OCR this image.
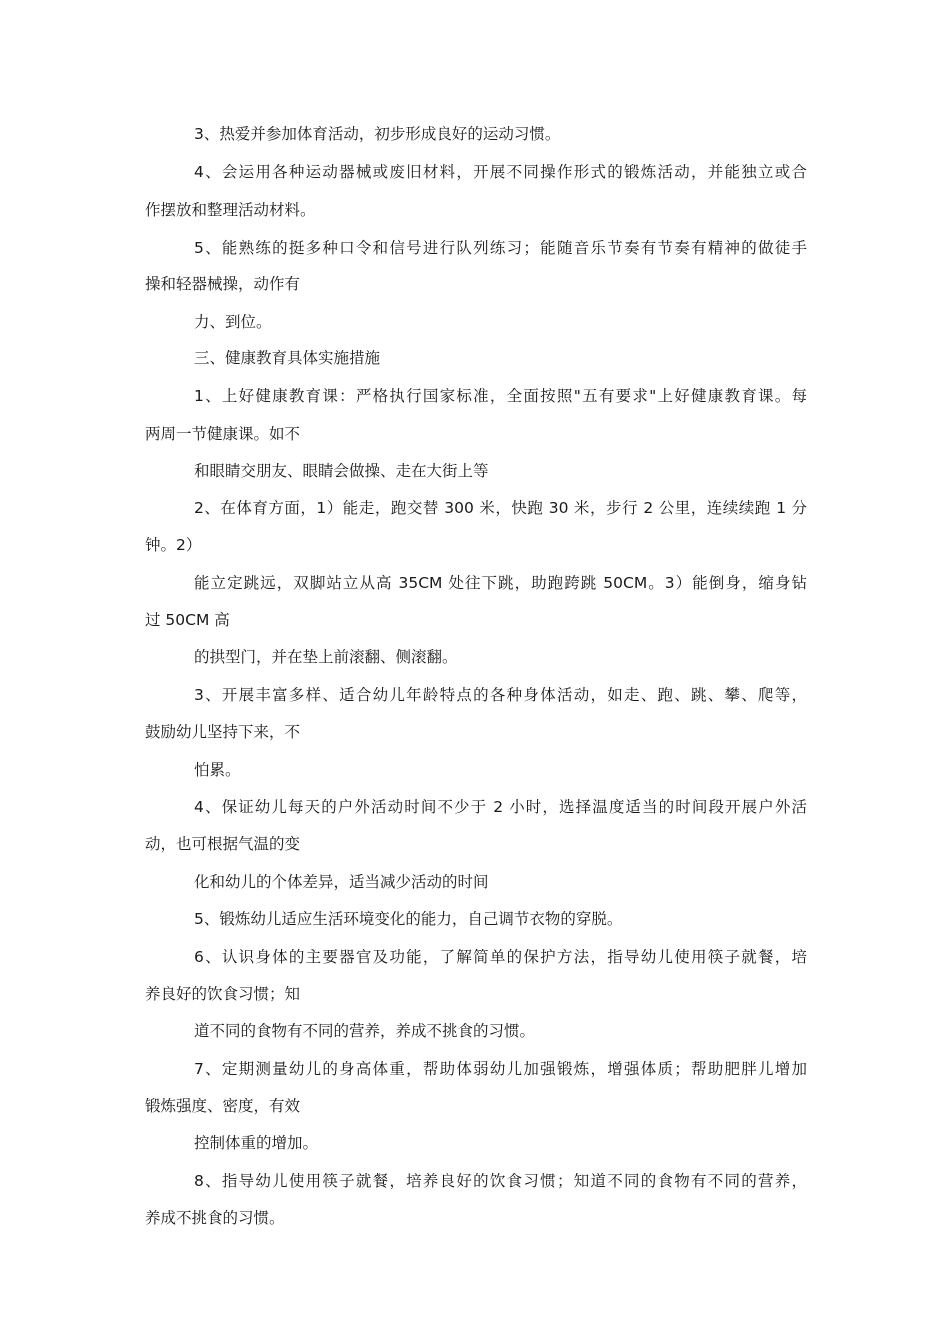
3、热爱并参加体育活动，初步形成良好的运动习惯。

4、会运用各种运动器械或废旧材料，开展不同操作形式的锻炼活动，并能独立或合

作摆放和整理活动材料。

5、能熟练的挺多种口令和信号进行队列练习；能随音乐节奏有节奏有精神的做徒手

操和轻器械操，动作有

力、到位。

三、健康教育具体实施措施

1、上好健康教育课：严格执行国家标准，全面按照"五有要求"上好健康教育课。每

两周一节健康课。如不

和眼睛交朋友、眼睛会做操、走在大街上等

2、在体育方面，1）能走，跑交替 300 米，快跑 30 米，步行 2 公里，连续续跑 1 分

钟。2）

能立定跳远，双脚站立从高 35CM 处往下跳，助跑跨跳 50CM。3）能倒身，缩身钻

过 50CM 高

的拱型门，并在垫上前滚翻、侧滚翻。

3、开展丰富多样、适合幼儿年龄特点的各种身体活动，如走、跑、跳、攀、爬等，

鼓励幼儿坚持下来，不

怕累。

4、保证幼儿每天的户外活动时间不少于 2 小时，选择温度适当的时间段开展户外活

动，也可根据气温的变

化和幼儿的个体差异，适当减少活动的时间

5、锻炼幼儿适应生活环境变化的能力，自己调节衣物的穿脱。

6、认识身体的主要器官及功能，了解简单的保护方法，指导幼儿使用筷子就餐，培

养良好的饮食习惯；知

道不同的食物有不同的营养，养成不挑食的习惯。

7、定期测量幼儿的身高体重，帮助体弱幼儿加强锻炼，增强体质；帮助肥胖儿增加

锻炼强度、密度，有效

控制体重的增加。

8、指导幼儿使用筷子就餐，培养良好的饮食习惯；知道不同的食物有不同的营养，

养成不挑食的习惯。
